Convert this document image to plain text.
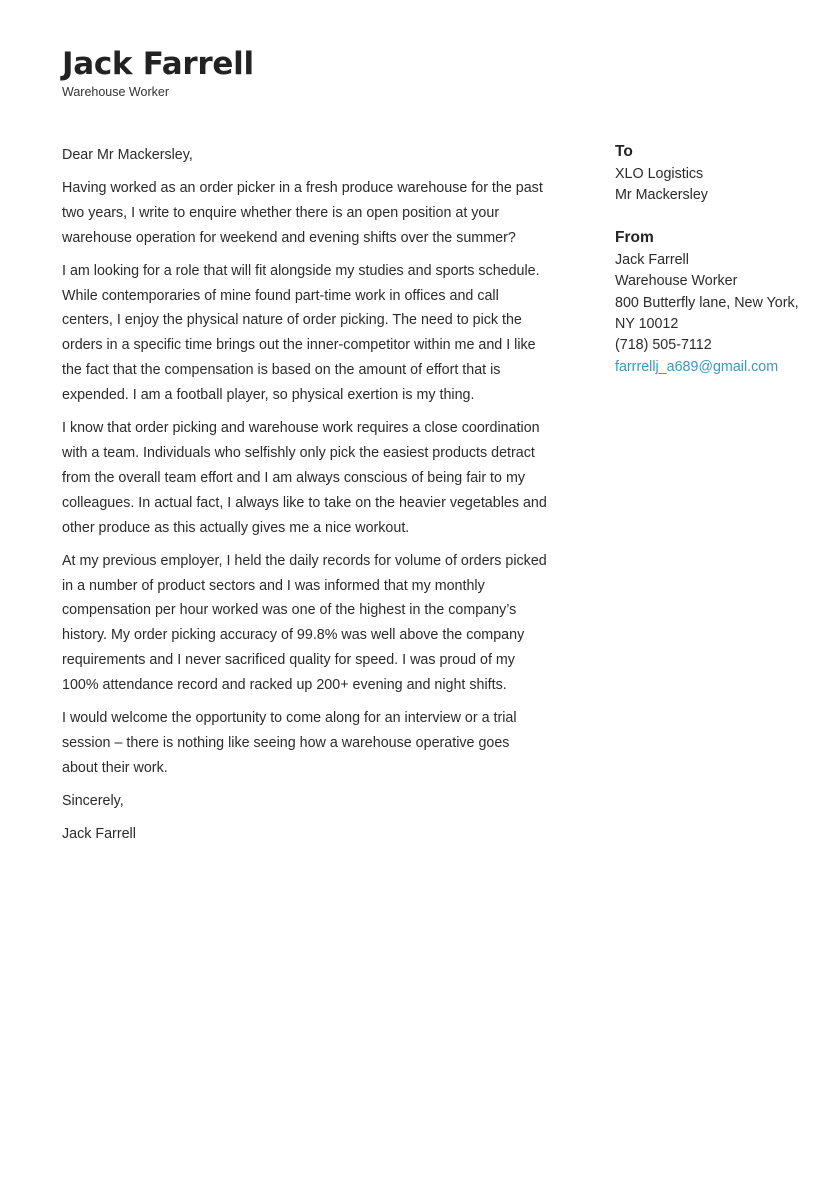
Jack Farrell
Warehouse Worker

Dear Mr Mackersley,

Having worked as an order picker in a fresh produce warehouse for the past two years, I write to enquire whether there is an open position at your warehouse operation for weekend and evening shifts over the summer?

I am looking for a role that will fit alongside my studies and sports schedule. While contemporaries of mine found part-time work in offices and call centers, I enjoy the physical nature of order picking. The need to pick the orders in a specific time brings out the inner-competitor within me and I like the fact that the compensation is based on the amount of effort that is expended. I am a football player, so physical exertion is my thing.

I know that order picking and warehouse work requires a close coordination with a team. Individuals who selfishly only pick the easiest products detract from the overall team effort and I am always conscious of being fair to my colleagues. In actual fact, I always like to take on the heavier vegetables and other produce as this actually gives me a nice workout.

At my previous employer, I held the daily records for volume of orders picked in a number of product sectors and I was informed that my monthly compensation per hour worked was one of the highest in the company’s history. My order picking accuracy of 99.8% was well above the company requirements and I never sacrificed quality for speed. I was proud of my 100% attendance record and racked up 200+ evening and night shifts.

I would welcome the opportunity to come along for an interview or a trial session – there is nothing like seeing how a warehouse operative goes about their work.

Sincerely,

Jack Farrell

To
XLO Logistics
Mr Mackersley
From
Jack Farrell
Warehouse Worker
800 Butterfly lane, New York, NY 10012
(718) 505-7112
farrrellj_a689@gmail.com
